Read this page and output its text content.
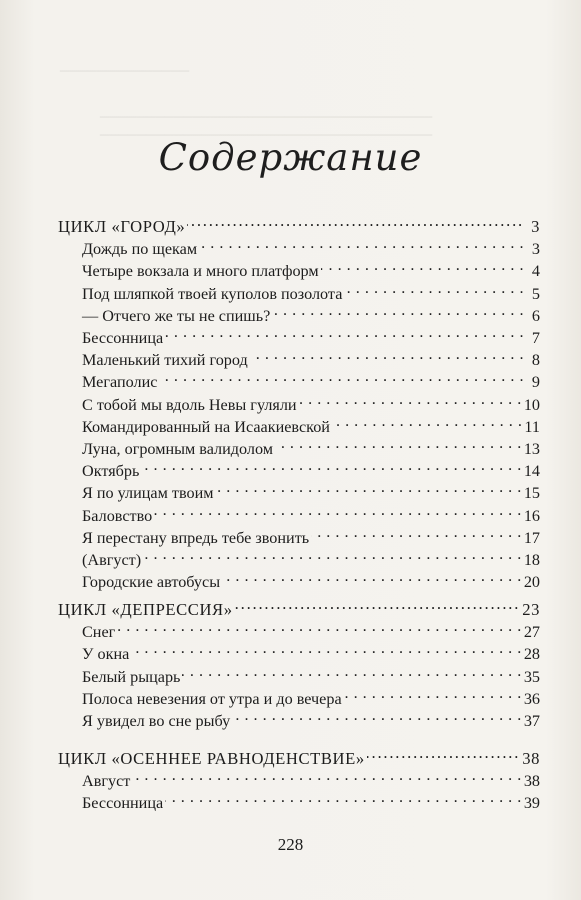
▁▁▁▁▁▁▁▁▁▁▁▁▁▁
▁▁▁▁▁▁▁▁▁▁▁▁▁▁▁▁▁▁▁▁▁▁▁▁▁▁▁▁▁▁▁▁▁▁▁▁
▁▁▁▁▁▁▁▁▁▁▁▁▁▁▁▁▁▁▁▁▁▁▁▁▁▁▁▁▁▁▁▁▁▁▁▁
Содержание
ЦИКЛ «ГОРОД» .....	3
Дождь по щекам . . .	3
Четыре вокзала и много платформ . . .	4
Под шляпкой твоей куполов позолота . . .	5
— Отчего же ты не спишь? . . .	6
Бессонница . . .	7
Маленький тихий город . . .	8
Мегаполис . . .	9
С тобой мы вдоль Невы гуляли . . .	10
Командированный на Исаакиевской . . .	11
Луна, огромным валидолом . . .	13
Октябрь . . .	14
Я по улицам твоим . . .	15
Баловство . . .	16
Я перестану впредь тебе звонить . . .	17
(Август) . . .	18
Городские автобусы . . .	20
ЦИКЛ «ДЕПРЕССИЯ» .....	23
Снег . . .	27
У окна . . .	28
Белый рыцарь . . .	35
Полоса невезения от утра и до вечера . . .	36
Я увидел во сне рыбу . . .	37
ЦИКЛ «ОСЕННЕЕ РАВНОДЕНСТВИЕ» .....	38
Август . . .	38
Бессонница . . .	39
228
